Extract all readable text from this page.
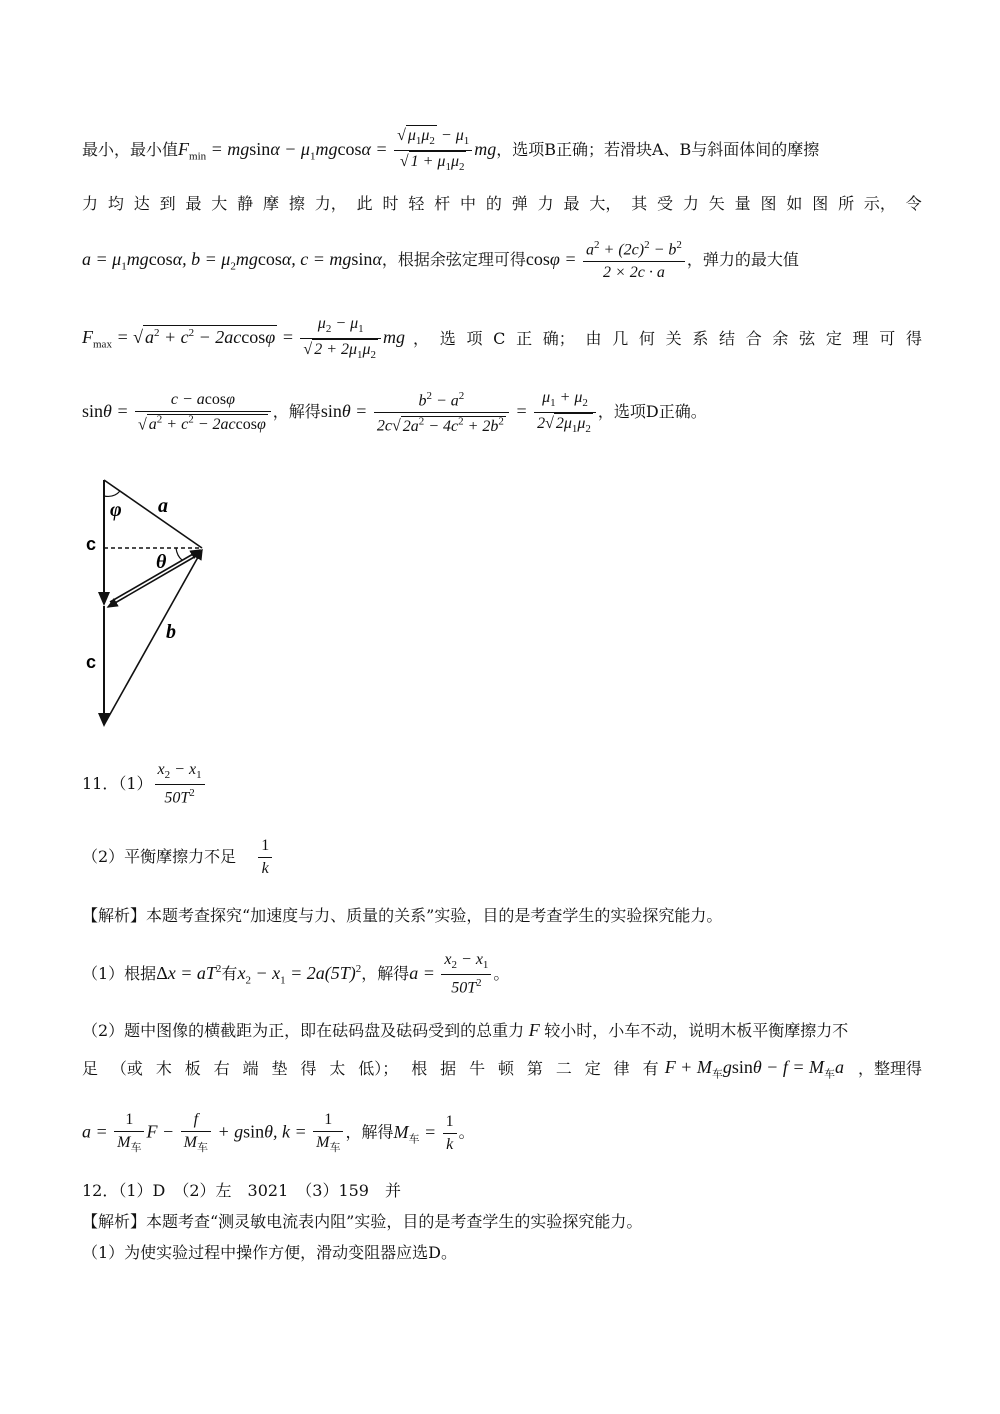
最小，最小值$F_{min} = mgsin\alpha - \mu_1mgcos\alpha = \frac{√ \mu_1\mu_2 - \mu_1}{√ 1 + \mu_1\mu_2}$ mg，选项B正确；若滑块A、B与斜面体间的摩擦
力 均 达 到 最 大 静 摩 擦 力， 此 时 轻 杆 中 的 弹 力 最 大， 其 受 力 矢 量 图 如 图 所 示， 令
$a = \mu_1mgcos\alpha$, $b = \mu_2mgcos\alpha$, c = mgsinα，根据余弦定理可得$\cos\varphi = \frac{a^2 + (2c)^2 - b^2}{2 \times 2c \cdot a}$ ，弹力的最大值
$F_{max}$ = √ $a^2 + c^2 - 2accos\varphi = \frac{\mu_2 - \mu_1}{√ 2 + 2\mu_1\mu_2}$ mg ， 选 项 C 正 确； 由 几 何 关 系 结 合 余 弦 定 理 可 得
$\sin\theta = \frac{c - acos\varphi}{√ a^2 + c^2 - 2accos\varphi}$ ，解得$\sin\theta = \frac{b^2 - a^2}{2c√ 2a^2 - 4c^2 + 2b^2} = \frac{\mu_1 + \mu_2}{2√ 2\mu_1\mu_2}$ ，选项D正确。
φ a
c
θ
b
c
11．$(1) \frac{x_2 - x_1}{50T^2}$
（2）平衡摩擦力不足 $\frac{1}{k}$
【解析】本题考查探究“加速度与力、质量的关系”实验，目的是考查学生的实验探究能力。
（1）根据$\Delta x = aT^2$有$x_2 - x_1 = 2a(5T)^2$，解得$a = \frac{x_2 - x_1}{50T^2}$ 。
（2）题中图像的横截距为正，即在砝码盘及砝码受到的总重力 F 较小时，小车不动，说明木板平衡摩擦力不
足 （或 木 板 右 端 垫 得 太 低）； 根 据 牛 顿 第 二 定 律 有 $F + M_车gsin\theta - f = M_车a$ ，整理得
$a = \frac{1}{M_车}$ $F - \frac{f}{M_车} + gsin\theta$, $k = \frac{1}{M_车}$ ，解得$M_车 = \frac{1}{k}$ 。
12．（1）D　（2）左　3021　（3）159　并
【解析】本题考查“测灵敏电流表内阻”实验，目的是考查学生的实验探究能力。
（1）为使实验过程中操作方便，滑动变阻器应选D。
